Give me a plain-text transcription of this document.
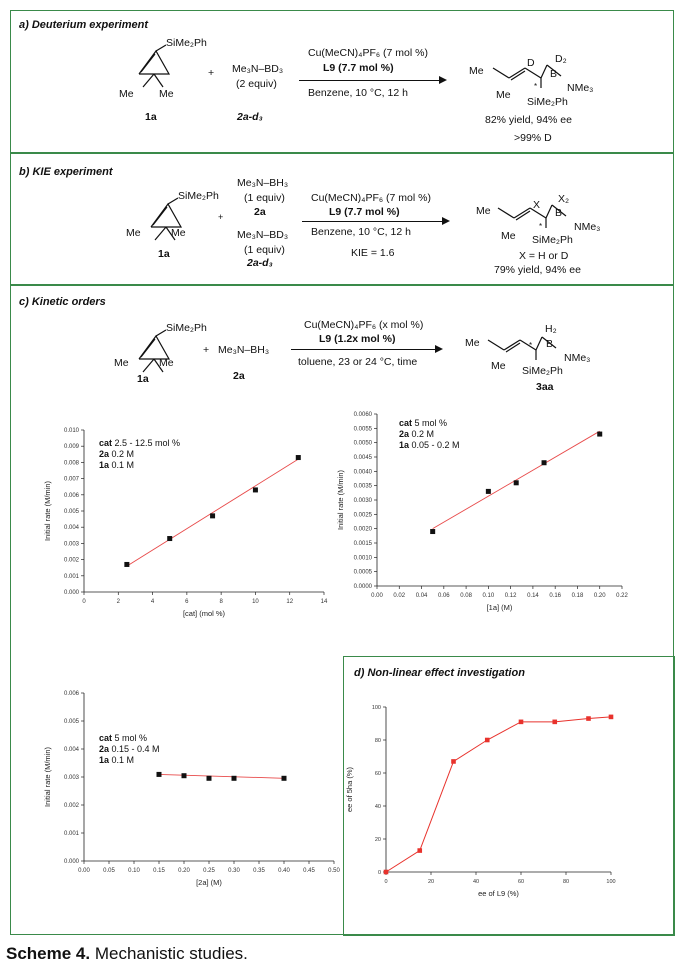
a) Deuterium experiment
SiMe₂Ph
Me Me
1a
+ Me₃N–BD₃
(2 equiv)
2a-d₃
Cu(MeCN)₄PF₆ (7 mol %)
L9 (7.7 mol %)
Benzene, 10 °C, 12 h
Me
Me
D D₂
B
NMe₃
*
SiMe₂Ph
82% yield, 94% ee
>99% D
b) KIE experiment
SiMe₂Ph
Me	Me
1a
+
Me₃N–BH₃
(1 equiv)
2a
Me₃N–BD₃
(1 equiv)
2a-d₃
Cu(MeCN)₄PF₆ (7 mol %)
L9 (7.7 mol %)
Benzene, 10 °C, 12 h
KIE = 1.6
Me
Me
X X₂
B
NMe₃
*
SiMe₂Ph
X = H or D
79% yield, 94% ee
c) Kinetic orders
SiMe₂Ph
Me	Me
1a
+ Me₃N–BH₃
2a
Cu(MeCN)₄PF₆ (x mol %)
L9 (1.2x mol %)
toluene, 23 or 24 °C, time
Me
Me
H₂
B
NMe₃
*
SiMe₂Ph
3aa
0	2	4	6	8	10	12	14
0.000
0.001
0.002
0.003
0.004
0.005
0.006
0.007
0.008
0.009
0.010
[cat] (mol %)
Initial rate (M/min)
cat 2.5 - 12.5 mol %
2a 0.2 M
1a 0.1 M
0.00 0.02 0.04 0.06 0.08 0.10 0.12 0.14 0.16 0.18 0.20 0.22
0.0000
0.0005
0.0010
0.0015
0.0020
0.0025
0.0030
0.0035
0.0040
0.0045
0.0050
0.0055
0.0060
[1a] (M)
Initial rate (M/min)
cat 5 mol %
2a 0.2 M
1a 0.05 - 0.2 M
0.00 0.05 0.10 0.15 0.20 0.25 0.30 0.35 0.40 0.45 0.50
0.000
0.001
0.002
0.003
0.004
0.005
0.006
[2a] (M)
Initial rate (M/min)
cat 5 mol %
2a 0.15 - 0.4 M
1a 0.1 M
d) Non-linear effect investigation
0	20	40	60	80	100
0
20
40
60
80
100
ee of L9 (%)
ee of 5ha (%)
Scheme 4. Mechanistic studies.
